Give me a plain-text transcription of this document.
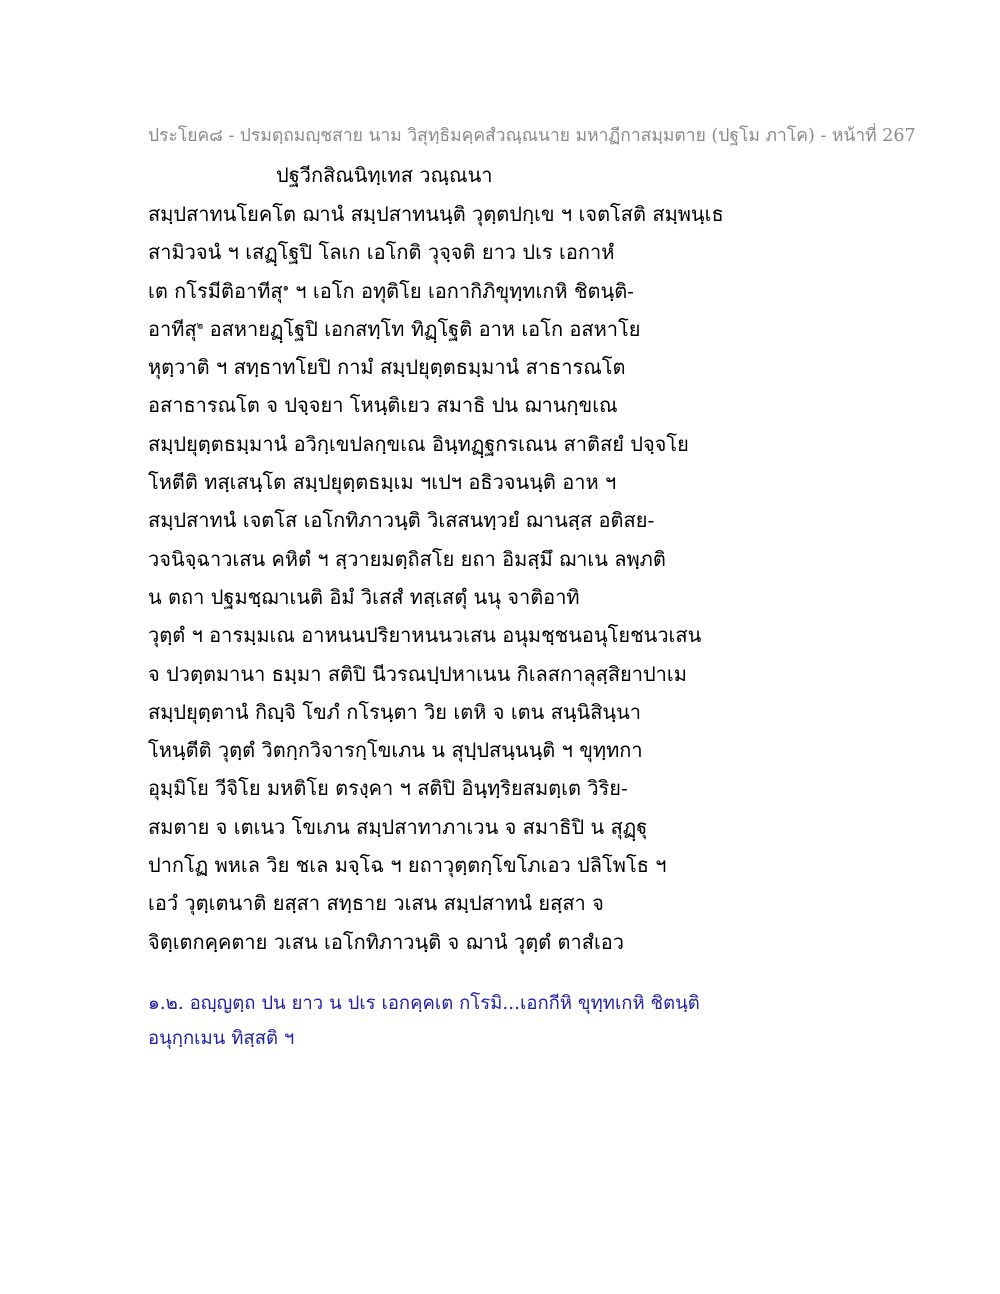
ประโยค๘ - ปรมตฺถมญฺชสาย นาม วิสุทฺธิมคฺคสํวณฺณนาย มหาฏีกาสมฺมตาย (ปฐโม ภาโค) - หน้าที่ 267
ปฐวีกสิณนิทฺเทส วณฺณนา
สมฺปสาทนโยคโต ฌานํ สมฺปสาทนนฺติ วุตฺตปกฺเข ฯ เจตโสติ สมฺพนฺเธ
สามิวจนํ ฯ เสฏฺโฐปิ โลเก เอโกติ วุจฺจติ ยาว ปเร เอกาหํ
เต กโรมีติอาทีสุ$^๑$ ฯ เอโก อทุติโย เอกากิภิขุทฺทเกหิ ชิตนฺติ-
อาทีสุ$^๒$ อสหายฏฺโฐปิ เอกสทฺโท ทิฏฺโฐติ อาห เอโก อสหาโย
หุตฺวาติ ฯ สทฺธาทโยปิ กามํ สมฺปยุตฺตธมฺมานํ สาธารณโต
อสาธารณโต จ ปจฺจยา โหนฺติเยว สมาธิ ปน ฌานกฺขเณ
สมฺปยุตฺตธมฺมานํ อวิกฺเขปลกฺขเณ อินฺทฏฺฐกรเณน สาติสยํ ปจฺจโย
โหตีติ ทสฺเสนฺโต สมฺปยุตฺตธมฺเม ฯเปฯ อธิวจนนฺติ อาห ฯ
สมฺปสาทนํ เจตโส เอโกทิภาวนฺติ วิเสสนทฺวยํ ฌานสฺส อติสย-
วจนิจฺฉาวเสน คหิตํ ฯ สฺวายมตฺถิสโย ยถา อิมสฺมึ ฌาเน ลพฺภติ
น ตถา ปฐมชฺฌาเนติ อิมํ วิเสสํ ทสฺเสตุํ นนุ จาติอาทิ
วุตฺตํ ฯ อารมฺมเณ อาหนนปริยาหนนวเสน อนุมชฺชนอนุโยชนวเสน
จ ปวตฺตมานา ธมฺมา สติปิ นีวรณปฺปหาเนน กิเลสกาลุสฺสิยาปาเม
สมฺปยุตฺตานํ กิญฺจิ โขภํ กโรนฺตา วิย เตหิ จ เตน สนฺนิสินฺนา
โหนฺตีติ วุตฺตํ วิตกฺกวิจารกฺโขเภน น สุปฺปสนฺนนฺติ ฯ ขุทฺทกา
อุมฺมิโย วีจิโย มหติโย ตรงฺคา ฯ สติปิ อินฺทฺริยสมตฺเต วิริย-
สมตาย จ เตเนว โขเภน สมฺปสาทาภาเวน จ สมาธิปิ น สุฏฺฐุ
ปากโฏ พหเล วิย ชเล มจฺโฉ ฯ ยถาวุตฺตกฺโขโภเอว ปลิโพโธ ฯ
เอวํ วุตฺเตนาติ ยสฺสา สทฺธาย วเสน สมฺปสาทนํ ยสฺสา จ
จิตฺเตกคฺคตาย วเสน เอโกทิภาวนฺติ จ ฌานํ วุตฺตํ ตาสํเอว
๑.๒. อญฺญตฺถ ปน ยาว น ปเร เอกคฺคเต กโรมิ...เอกกีหิ ขุทฺทเกหิ ชิตนฺติ
อนุกฺกเมน ทิสฺสติ ฯ
